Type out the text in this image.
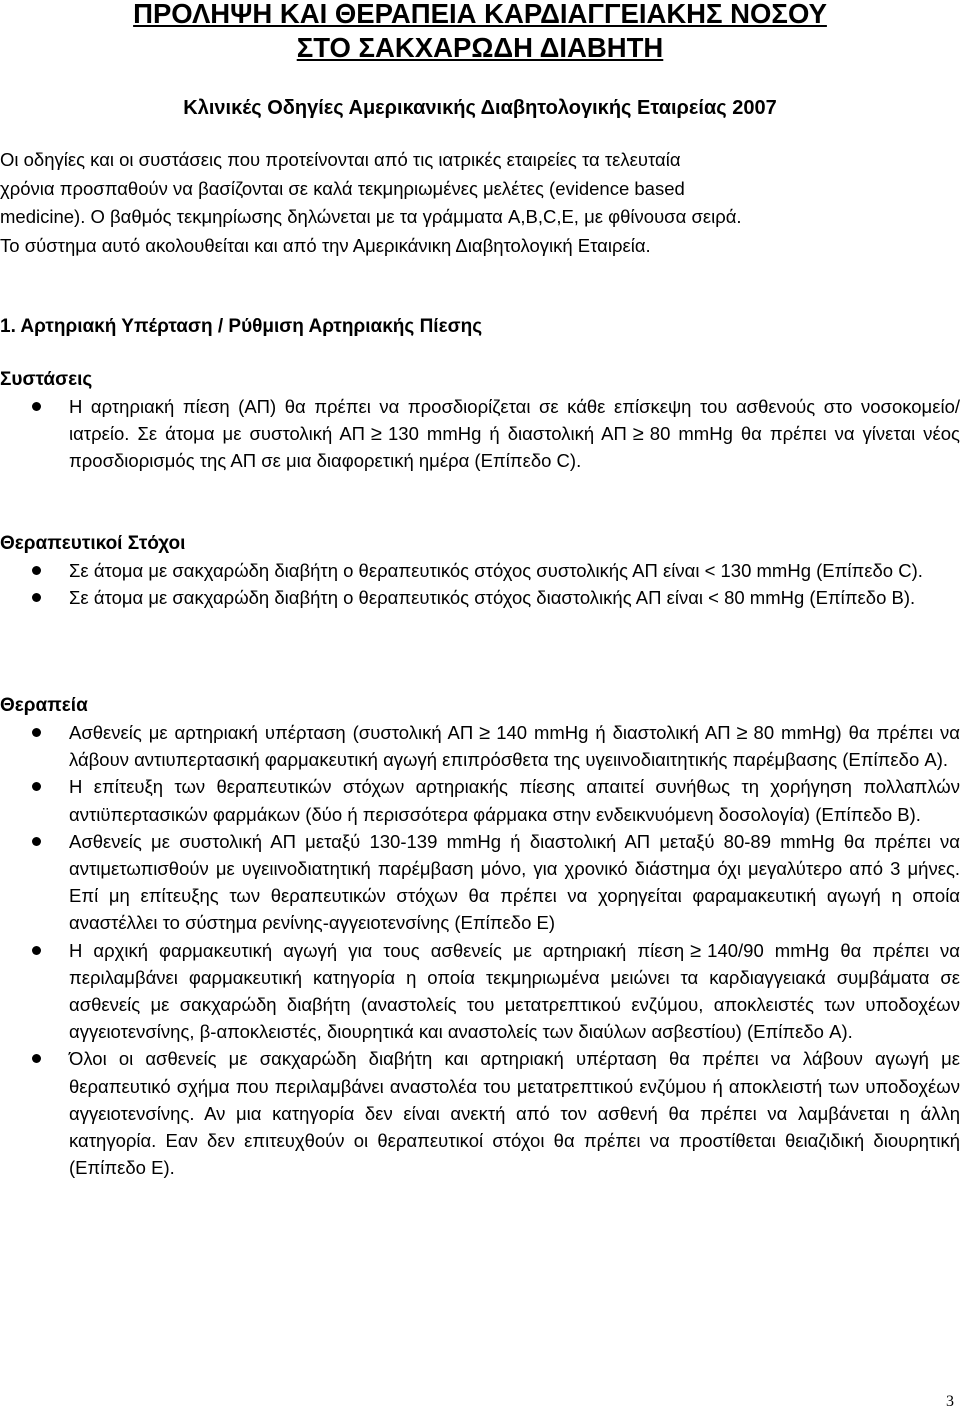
ΠΡΟΛΗΨΗ ΚΑΙ ΘΕΡΑΠΕΙΑ ΚΑΡΔΙΑΓΓΕΙΑΚΗΣ ΝΟΣΟΥ
ΣΤΟ ΣΑΚΧΑΡΩΔΗ ΔΙΑΒΗΤΗ
Κλινικές Οδηγίες Αμερικανικής Διαβητολογικής Εταιρείας 2007
Οι οδηγίες και οι συστάσεις που προτείνονται από τις ιατρικές εταιρείες τα τελευταία
χρόνια προσπαθούν να βασίζονται σε καλά τεκμηριωμένες μελέτες (evidence based
medicine). Ο βαθμός τεκμηρίωσης δηλώνεται με τα γράμματα A,B,C,E, με φθίνουσα σειρά.
Το σύστημα αυτό ακολουθείται και από την Αμερικάνικη Διαβητολογική Εταιρεία.
1. Αρτηριακή Υπέρταση / Ρύθμιση Αρτηριακής Πίεσης
Συστάσεις
Η αρτηριακή πίεση (ΑΠ) θα πρέπει να προσδιορίζεται σε κάθε επίσκεψη του ασθενούς στο νοσοκομείο/ιατρείο. Σε άτομα με συστολική ΑΠ ≥ 130 mmHg ή διαστολική ΑΠ ≥ 80 mmHg θα πρέπει να γίνεται νέος προσδιορισμός της ΑΠ σε μια διαφορετική ημέρα (Επίπεδο C).
Θεραπευτικοί Στόχοι
Σε άτομα με σακχαρώδη διαβήτη ο θεραπευτικός στόχος συστολικής ΑΠ είναι < 130 mmHg (Επίπεδο C).
Σε άτομα με σακχαρώδη διαβήτη ο θεραπευτικός στόχος διαστολικής ΑΠ είναι < 80 mmHg (Επίπεδο B).
Θεραπεία
Ασθενείς με αρτηριακή υπέρταση (συστολική ΑΠ ≥ 140 mmHg ή διαστολική ΑΠ ≥ 80 mmHg) θα πρέπει να λάβουν αντιυπερτασική φαρμακευτική αγωγή επιπρόσθετα της υγειινοδιαιτητικής παρέμβασης (Επίπεδο A).
Η επίτευξη των θεραπευτικών στόχων αρτηριακής πίεσης απαιτεί συνήθως τη χορήγηση πολλαπλών αντιϋπερτασικών φαρμάκων (δύο ή περισσότερα φάρμακα στην ενδεικνυόμενη δοσολογία) (Επίπεδο B).
Ασθενείς με συστολική ΑΠ μεταξύ 130-139 mmHg ή διαστολική ΑΠ μεταξύ 80-89 mmHg θα πρέπει να αντιμετωπισθούν με υγειινοδιατητική παρέμβαση μόνο, για χρονικό διάστημα όχι μεγαλύτερο από 3 μήνες. Επί μη επίτευξης των θεραπευτικών στόχων θα πρέπει να χορηγείται φαραμακευτική αγωγή η οποία αναστέλλει το σύστημα ρενίνης-αγγειοτενσίνης (Επίπεδο E)
Η αρχική φαρμακευτική αγωγή για τους ασθενείς με αρτηριακή πίεση ≥ 140/90 mmHg θα πρέπει να περιλαμβάνει φαρμακευτική κατηγορία η οποία τεκμηριωμένα μειώνει τα καρδιαγγειακά συμβάματα σε ασθενείς με σακχαρώδη διαβήτη (αναστολείς του μετατρεπτικού ενζύμου, αποκλειστές των υποδοχέων αγγειοτενσίνης, β-αποκλειστές, διουρητικά και αναστολείς των διαύλων ασβεστίου) (Επίπεδο A).
Όλοι οι ασθενείς με σακχαρώδη διαβήτη και αρτηριακή υπέρταση θα πρέπει να λάβουν αγωγή με θεραπευτικό σχήμα που περιλαμβάνει αναστολέα του μετατρεπτικού ενζύμου ή αποκλειστή των υποδοχέων αγγειοτενσίνης. Αν μια κατηγορία δεν είναι ανεκτή από τον ασθενή θα πρέπει να λαμβάνεται η άλλη κατηγορία. Εαν δεν επιτευχθούν οι θεραπευτικοί στόχοι θα πρέπει να προστίθεται θειαζιδική διουρητική (Επίπεδο E).
3
